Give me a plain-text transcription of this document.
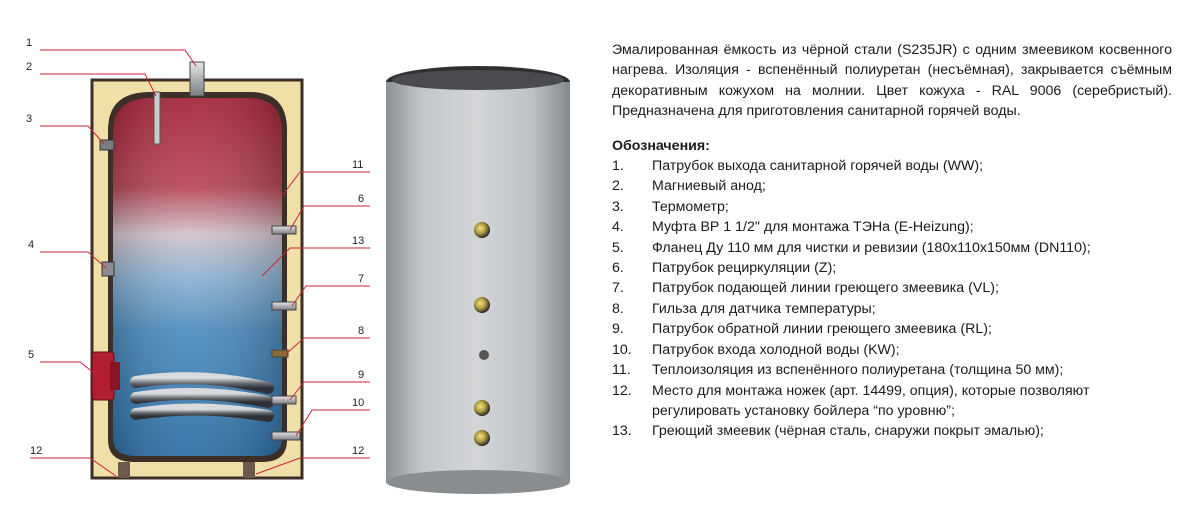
1
2
3
4
5
11
6
13
7
8
9
10
12	12

Эмалированная ёмкость из чёрной стали (S235JR) с одним змеевиком косвенного нагрева. Изоляция - вспенённый полиуретан (несъёмная), закрывается съёмным декоративным кожухом на молнии. Цвет кожуха - RAL 9006 (серебристый). Предназначена для приготовления санитарной горячей воды.

Обозначения:

1.	Патрубок выхода санитарной горячей воды (WW);
2.	Магниевый анод;
3.	Термометр;
4.	Муфта ВР 1 1/2" для монтажа ТЭНа (E-Heizung);
5.	Фланец Ду 110 мм для чистки и ревизии (180x110x150мм (DN110);
6.	Патрубок рециркуляции (Z);
7.	Патрубок подающей линии греющего змеевика (VL);
8.	Гильза для датчика температуры;
9.	Патрубок обратной линии греющего змеевика (RL);
10.	Патрубок входа холодной воды (KW);
11.	Теплоизоляция из вспенённого полиуретана (толщина 50 мм);
12.	Место для монтажа ножек (арт. 14499, опция), которые позволяют регулировать установку бойлера “по уровню”;
13.	Греющий змеевик (чёрная сталь, снаружи покрыт эмалью);
